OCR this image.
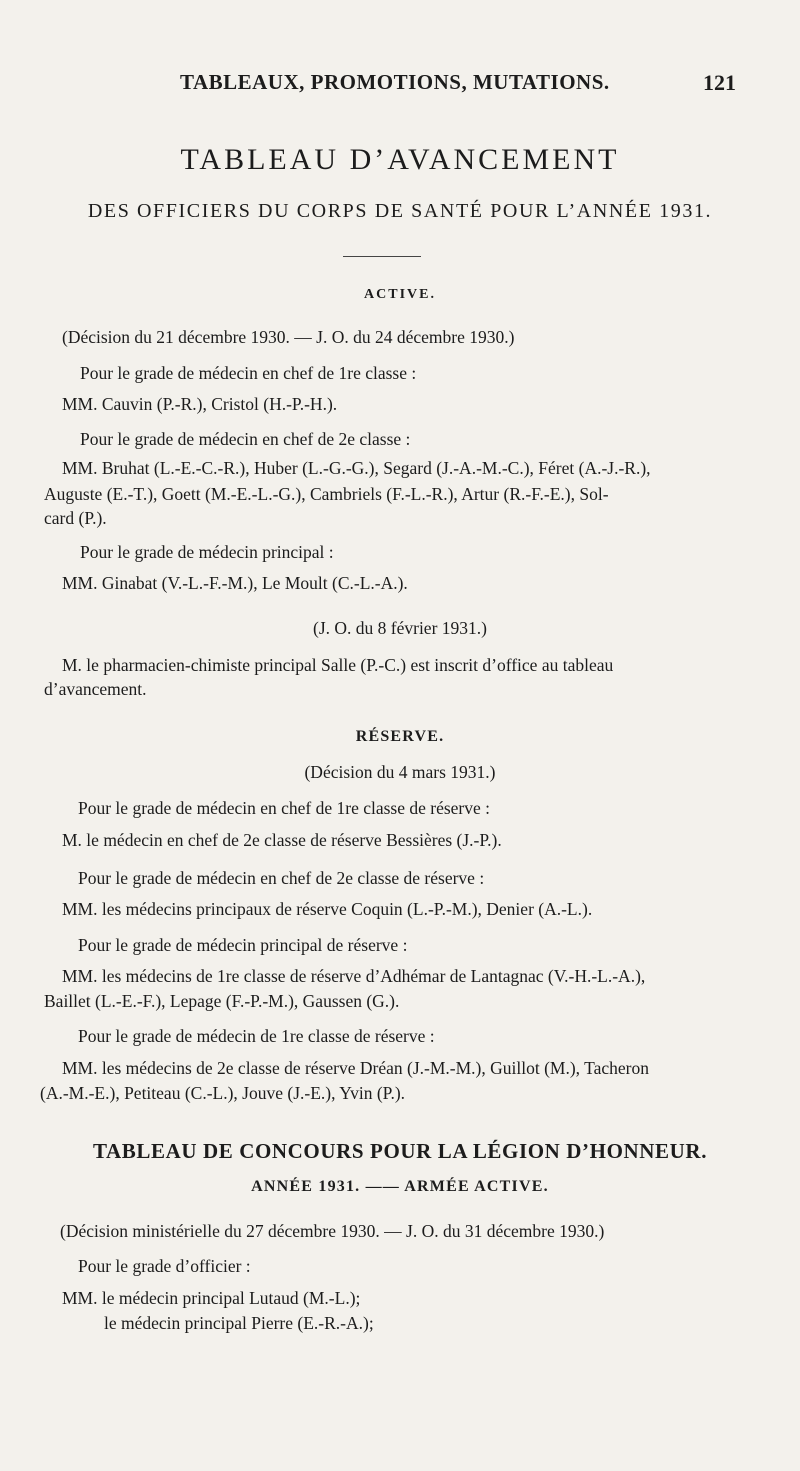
TABLEAUX, PROMOTIONS, MUTATIONS.	121
TABLEAU D’AVANCEMENT
DES OFFICIERS DU CORPS DE SANTÉ POUR L’ANNÉE 1931.
ACTIVE.
(Décision du 21 décembre 1930. — J. O. du 24 décembre 1930.)
Pour le grade de médecin en chef de 1re classe :
MM. Cauvin (P.-R.), Cristol (H.-P.-H.).
Pour le grade de médecin en chef de 2e classe :
MM. Bruhat (L.-E.-C.-R.), Huber (L.-G.-G.), Segard (J.-A.-M.-C.), Féret (A.-J.-R.),
Auguste (E.-T.), Goett (M.-E.-L.-G.), Cambriels (F.-L.-R.), Artur (R.-F.-E.), Sol-
card (P.).
Pour le grade de médecin principal :
MM. Ginabat (V.-L.-F.-M.), Le Moult (C.-L.-A.).
(J. O. du 8 février 1931.)
M. le pharmacien-chimiste principal Salle (P.-C.) est inscrit d’office au tableau
d’avancement.
RÉSERVE.
(Décision du 4 mars 1931.)
Pour le grade de médecin en chef de 1re classe de réserve :
M. le médecin en chef de 2e classe de réserve Bessières (J.-P.).
Pour le grade de médecin en chef de 2e classe de réserve :
MM. les médecins principaux de réserve Coquin (L.-P.-M.), Denier (A.-L.).
Pour le grade de médecin principal de réserve :
MM. les médecins de 1re classe de réserve d’Adhémar de Lantagnac (V.-H.-L.-A.),
Baillet (L.-E.-F.), Lepage (F.-P.-M.), Gaussen (G.).
Pour le grade de médecin de 1re classe de réserve :
MM. les médecins de 2e classe de réserve Dréan (J.-M.-M.), Guillot (M.), Tacheron
(A.-M.-E.), Petiteau (C.-L.), Jouve (J.-E.), Yvin (P.).
TABLEAU DE CONCOURS POUR LA LÉGION D’HONNEUR.
ANNÉE 1931. —— ARMÉE ACTIVE.
(Décision ministérielle du 27 décembre 1930. — J. O. du 31 décembre 1930.)
Pour le grade d’officier :
MM. le médecin principal Lutaud (M.-L.);
le médecin principal Pierre (E.-R.-A.);
